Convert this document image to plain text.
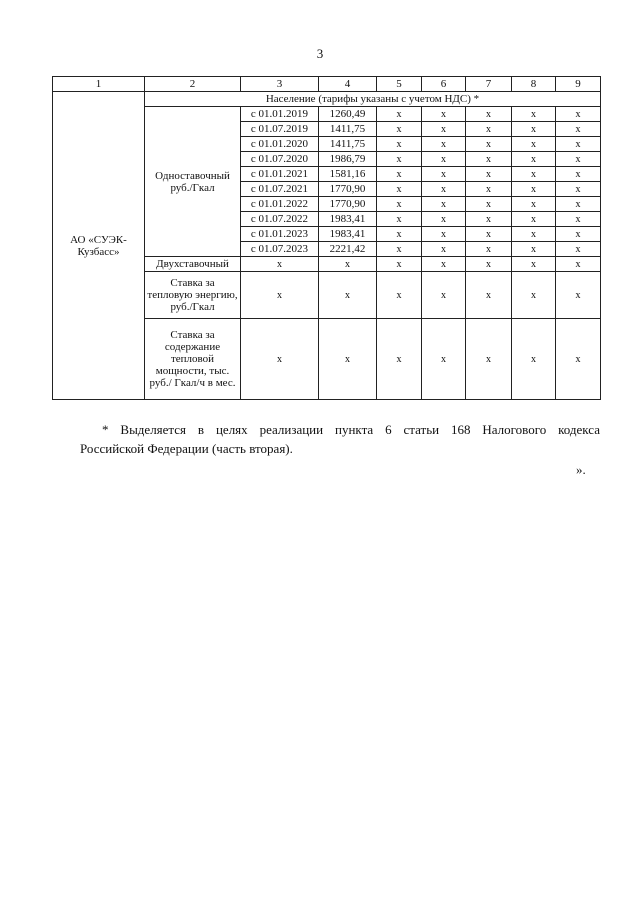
3
1	2	3	4	5	6	7	8	9
АО «СУЭК-Кузбасс»	Население (тарифы указаны с учетом НДС) *							
	Одноставочный руб./Гкал	с 01.01.2019	1260,49	x	x	x	x	x
		с 01.07.2019	1411,75	x	x	x	x	x
		с 01.01.2020	1411,75	x	x	x	x	x
		с 01.07.2020	1986,79	x	x	x	x	x
		с 01.01.2021	1581,16	x	x	x	x	x
		с 01.07.2021	1770,90	x	x	x	x	x
		с 01.01.2022	1770,90	x	x	x	x	x
		с 01.07.2022	1983,41	x	x	x	x	x
		с 01.01.2023	1983,41	x	x	x	x	x
		с 01.07.2023	2221,42	x	x	x	x	x
	Двухставочный	x	x	x	x	x	x	x
	Ставка за тепловую энергию, руб./Гкал	x	x	x	x	x	x	x
	Ставка за содержание тепловой мощности, тыс. руб./ Гкал/ч в мес.	x	x	x	x	x	x	x
* Выделяется в целях реализации пункта 6 статьи 168 Налогового кодекса
Российской Федерации (часть вторая).
».
